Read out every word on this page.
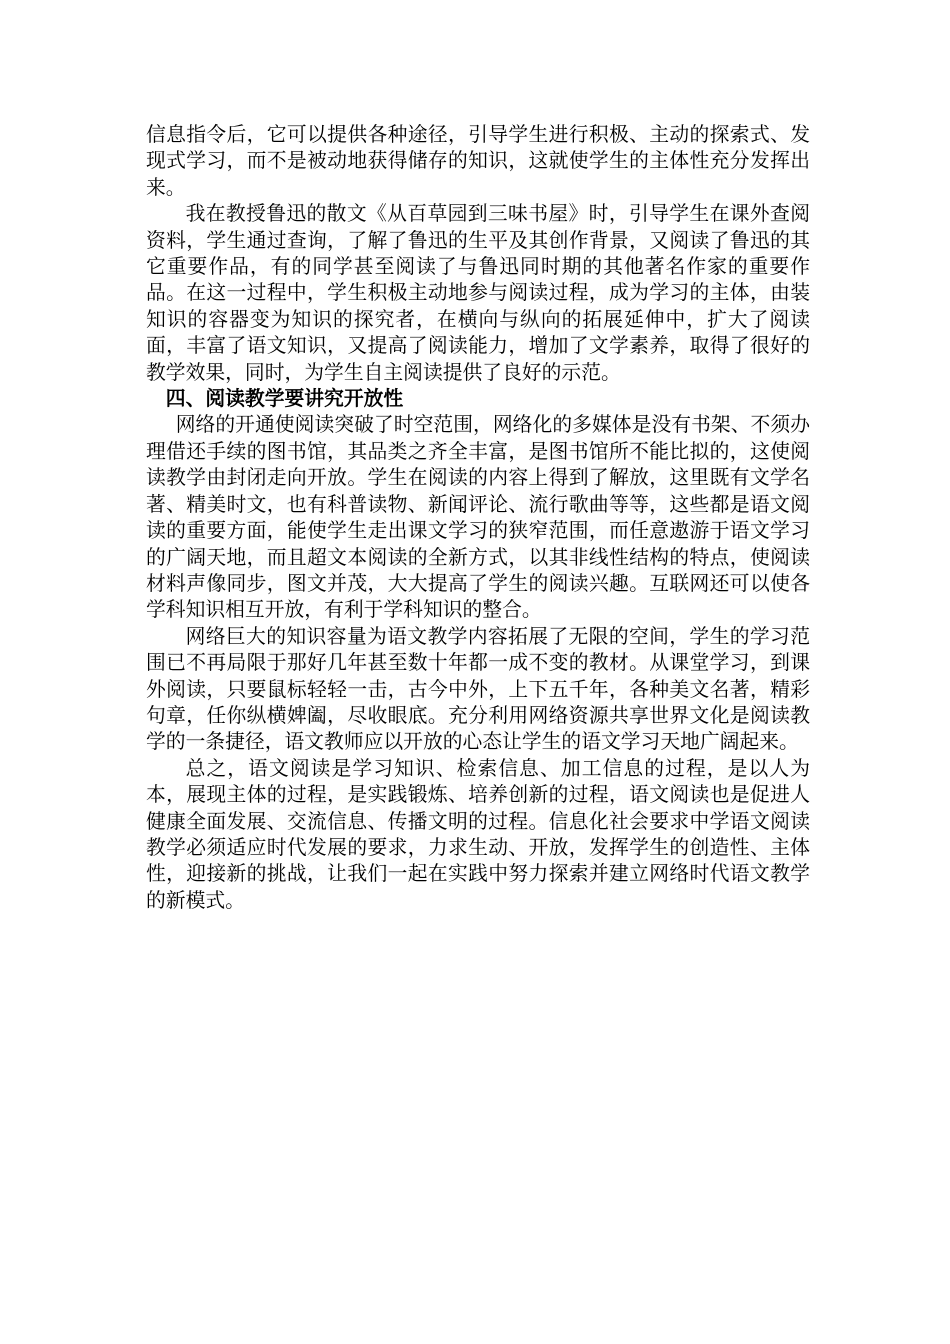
信息指令后，它可以提供各种途径，引导学生进行积极、主动的探索式、发现式学习，而不是被动地获得储存的知识，这就使学生的主体性充分发挥出来。

我在教授鲁迅的散文《从百草园到三味书屋》时，引导学生在课外查阅资料，学生通过查询，了解了鲁迅的生平及其创作背景，又阅读了鲁迅的其它重要作品，有的同学甚至阅读了与鲁迅同时期的其他著名作家的重要作品。在这一过程中，学生积极主动地参与阅读过程，成为学习的主体，由装知识的容器变为知识的探究者，在横向与纵向的拓展延伸中，扩大了阅读面，丰富了语文知识，又提高了阅读能力，增加了文学素养，取得了很好的教学效果，同时，为学生自主阅读提供了良好的示范。

四、阅读教学要讲究开放性

网络的开通使阅读突破了时空范围，网络化的多媒体是没有书架、不须办理借还手续的图书馆，其品类之齐全丰富，是图书馆所不能比拟的，这使阅读教学由封闭走向开放。学生在阅读的内容上得到了解放，这里既有文学名著、精美时文，也有科普读物、新闻评论、流行歌曲等等，这些都是语文阅读的重要方面，能使学生走出课文学习的狭窄范围，而任意遨游于语文学习的广阔天地，而且超文本阅读的全新方式，以其非线性结构的特点，使阅读材料声像同步，图文并茂，大大提高了学生的阅读兴趣。互联网还可以使各学科知识相互开放，有利于学科知识的整合。

网络巨大的知识容量为语文教学内容拓展了无限的空间，学生的学习范围已不再局限于那好几年甚至数十年都一成不变的教材。从课堂学习，到课外阅读，只要鼠标轻轻一击，古今中外，上下五千年，各种美文名著，精彩句章，任你纵横婢阖，尽收眼底。充分利用网络资源共享世界文化是阅读教学的一条捷径，语文教师应以开放的心态让学生的语文学习天地广阔起来。

总之，语文阅读是学习知识、检索信息、加工信息的过程，是以人为本，展现主体的过程，是实践锻炼、培养创新的过程，语文阅读也是促进人健康全面发展、交流信息、传播文明的过程。信息化社会要求中学语文阅读教学必须适应时代发展的要求，力求生动、开放，发挥学生的创造性、主体性，迎接新的挑战，让我们一起在实践中努力探索并建立网络时代语文教学的新模式。
